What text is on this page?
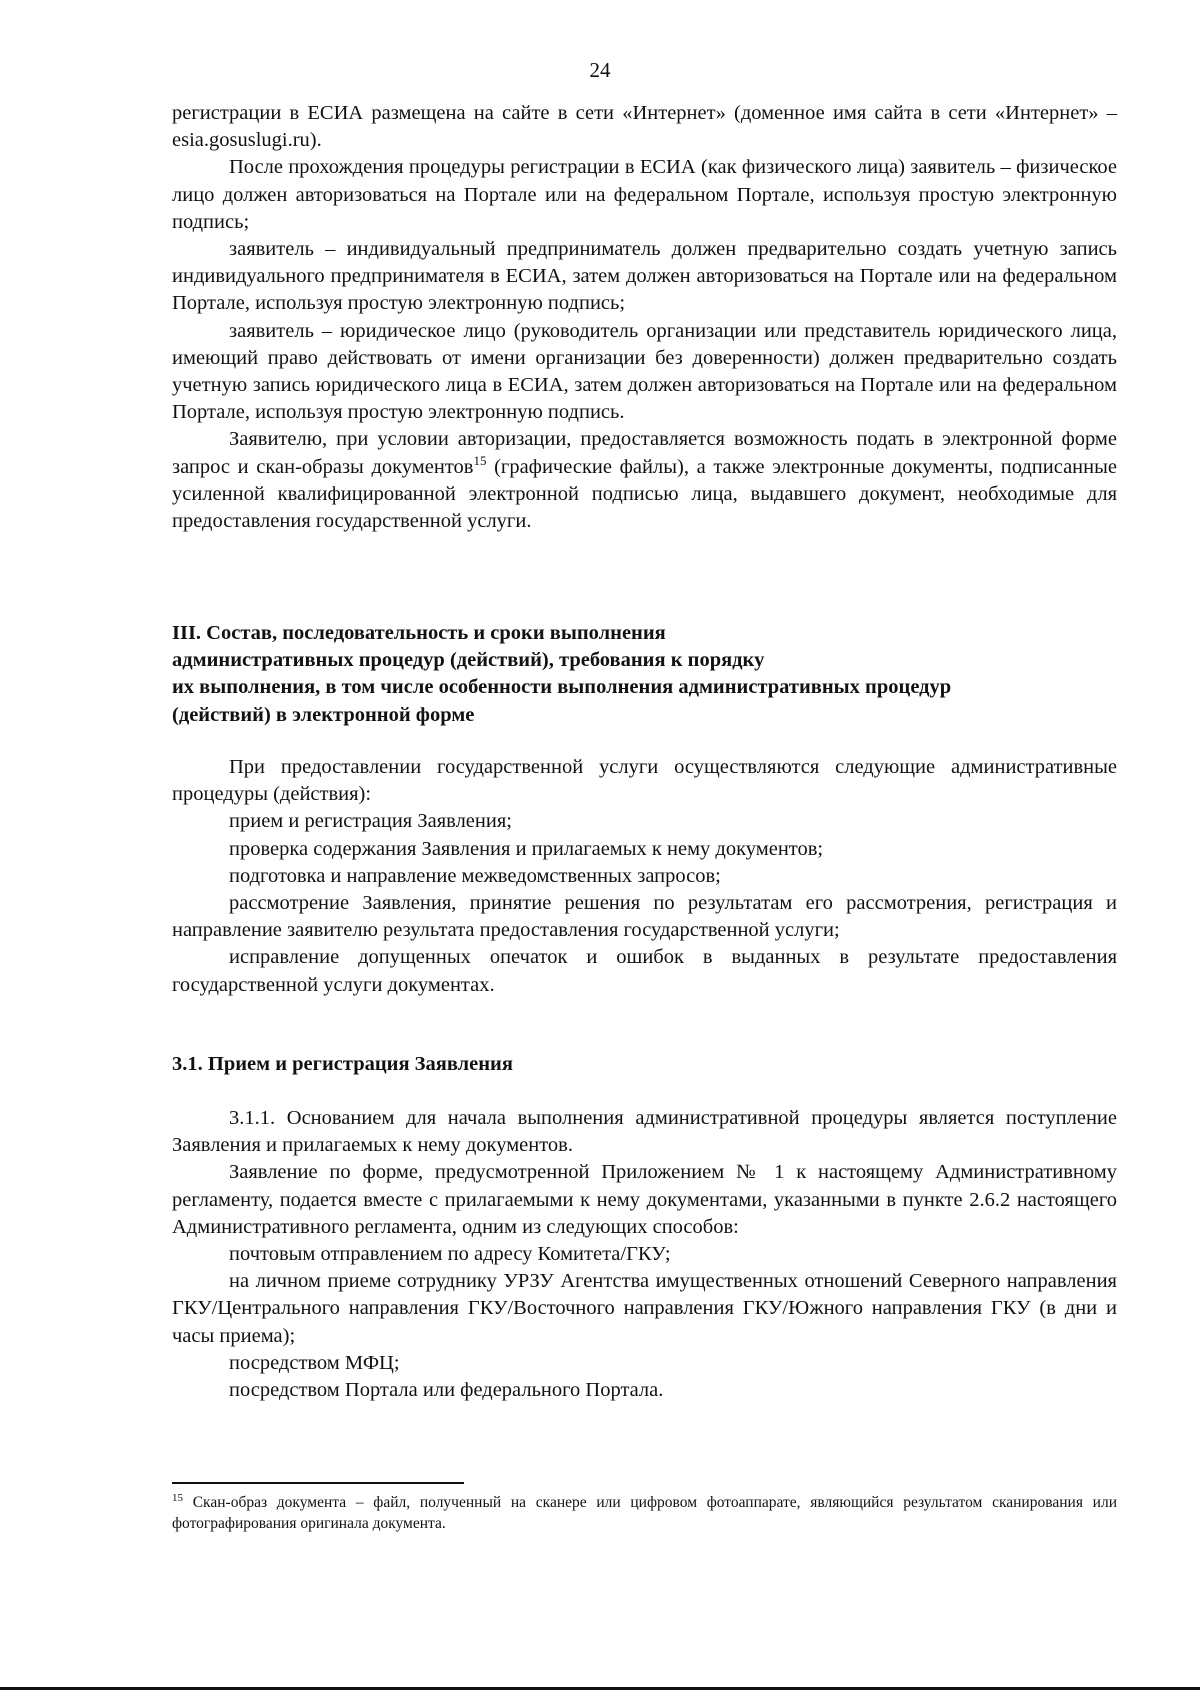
24

регистрации в ЕСИА размещена на сайте в сети «Интернет» (доменное имя сайта в сети «Интернет» – esia.gosuslugi.ru).

После прохождения процедуры регистрации в ЕСИА (как физического лица) заявитель – физическое лицо должен авторизоваться на Портале или на федеральном Портале, используя простую электронную подпись;

заявитель – индивидуальный предприниматель должен предварительно создать учетную запись индивидуального предпринимателя в ЕСИА, затем должен авторизоваться на Портале или на федеральном Портале, используя простую электронную подпись;

заявитель – юридическое лицо (руководитель организации или представитель юридического лица, имеющий право действовать от имени организации без доверенности) должен предварительно создать учетную запись юридического лица в ЕСИА, затем должен авторизоваться на Портале или на федеральном Портале, используя простую электронную подпись.

Заявителю, при условии авторизации, предоставляется возможность подать в электронной форме запрос и скан-образы документов$^{15}$ (графические файлы), а также электронные документы, подписанные усиленной квалифицированной электронной подписью лица, выдавшего документ, необходимые для предоставления государственной услуги.

III. Состав, последовательность и сроки выполнения

административных процедур (действий), требования к порядку

их выполнения, в том числе особенности выполнения административных процедур

(действий) в электронной форме

При предоставлении государственной услуги осуществляются следующие административные процедуры (действия):

прием и регистрация Заявления;

проверка содержания Заявления и прилагаемых к нему документов;

подготовка и направление межведомственных запросов;

рассмотрение Заявления, принятие решения по результатам его рассмотрения, регистрация и направление заявителю результата предоставления государственной услуги;

исправление допущенных опечаток и ошибок в выданных в результате предоставления государственной услуги документах.

3.1. Прием и регистрация Заявления

3.1.1. Основанием для начала выполнения административной процедуры является поступление Заявления и прилагаемых к нему документов.

Заявление по форме, предусмотренной Приложением № 1 к настоящему Административному регламенту, подается вместе с прилагаемыми к нему документами, указанными в пункте 2.6.2 настоящего Административного регламента, одним из следующих способов:

почтовым отправлением по адресу Комитета/ГКУ;

на личном приеме сотруднику УРЗУ Агентства имущественных отношений Северного направления ГКУ/Центрального направления ГКУ/Восточного направления ГКУ/Южного направления ГКУ (в дни и часы приема);

посредством МФЦ;

посредством Портала или федерального Портала.

$^{15}$ Скан-образ документа – файл, полученный на сканере или цифровом фотоаппарате, являющийся результатом сканирования или фотографирования оригинала документа.
